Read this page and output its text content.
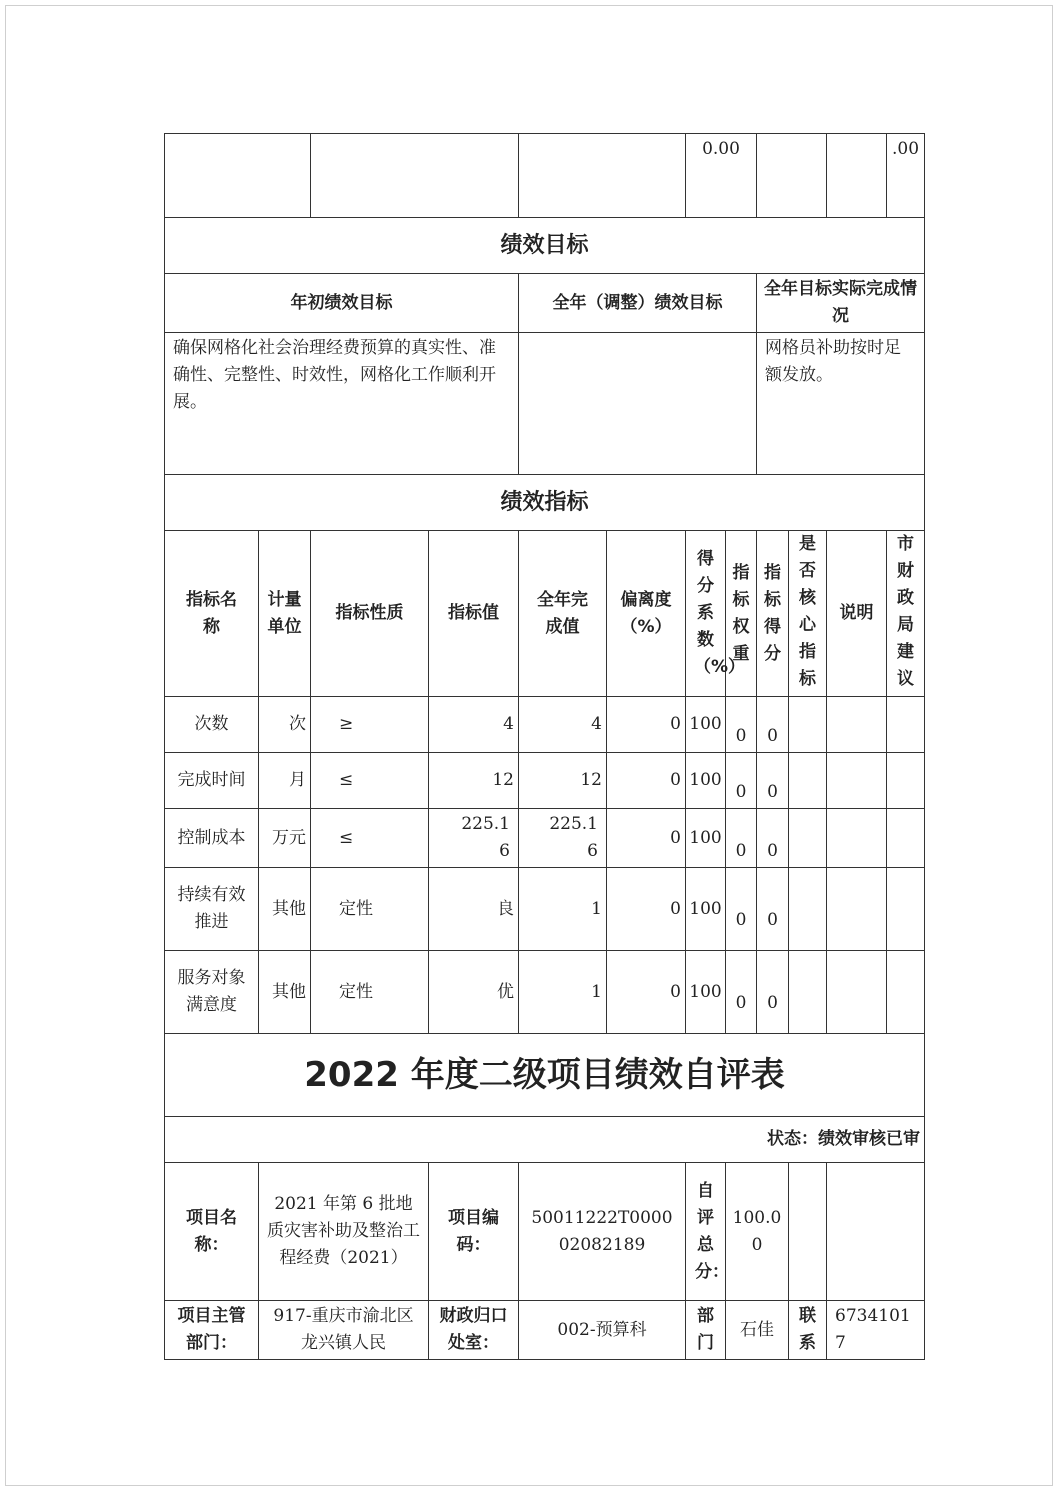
						0.00					.00
绩效目标											
年初绩效目标				全年（调整）绩效目标				全年目标实际完成情况			
确保网格化社会治理经费预算的真实性、准确性、完整性、时效性，网格化工作顺利开展。								网格员补助按时足额发放。			
绩效指标											
指标名称	计量单位	指标性质	指标值	全年完成值	偏离度（%）	得分系数（%）	指标权重	指标得分	是否核心指标	说明	市财政局建议
次数	次	≥	4	4	0	100	0	0			
完成时间	月	≤	12	12	0	100	0	0			
控制成本	万元	≤	225.16	225.16	0	100	0	0			
持续有效推进	其他	定性	良	1	0	100	0	0			
服务对象满意度	其他	定性	优	1	0	100	0	0			
2022 年度二级项目绩效自评表											
状态：绩效审核已审											
项目名称：	2021 年第 6 批地质灾害补助及整治工程经费（2021）		项目编码：	50011222T000002082189		自评总分：	100.00				
项目主管部门：	917-重庆市渝北区龙兴镇人民		财政归口处室：	002-预算科		部门	石佳		联系	67341017	
